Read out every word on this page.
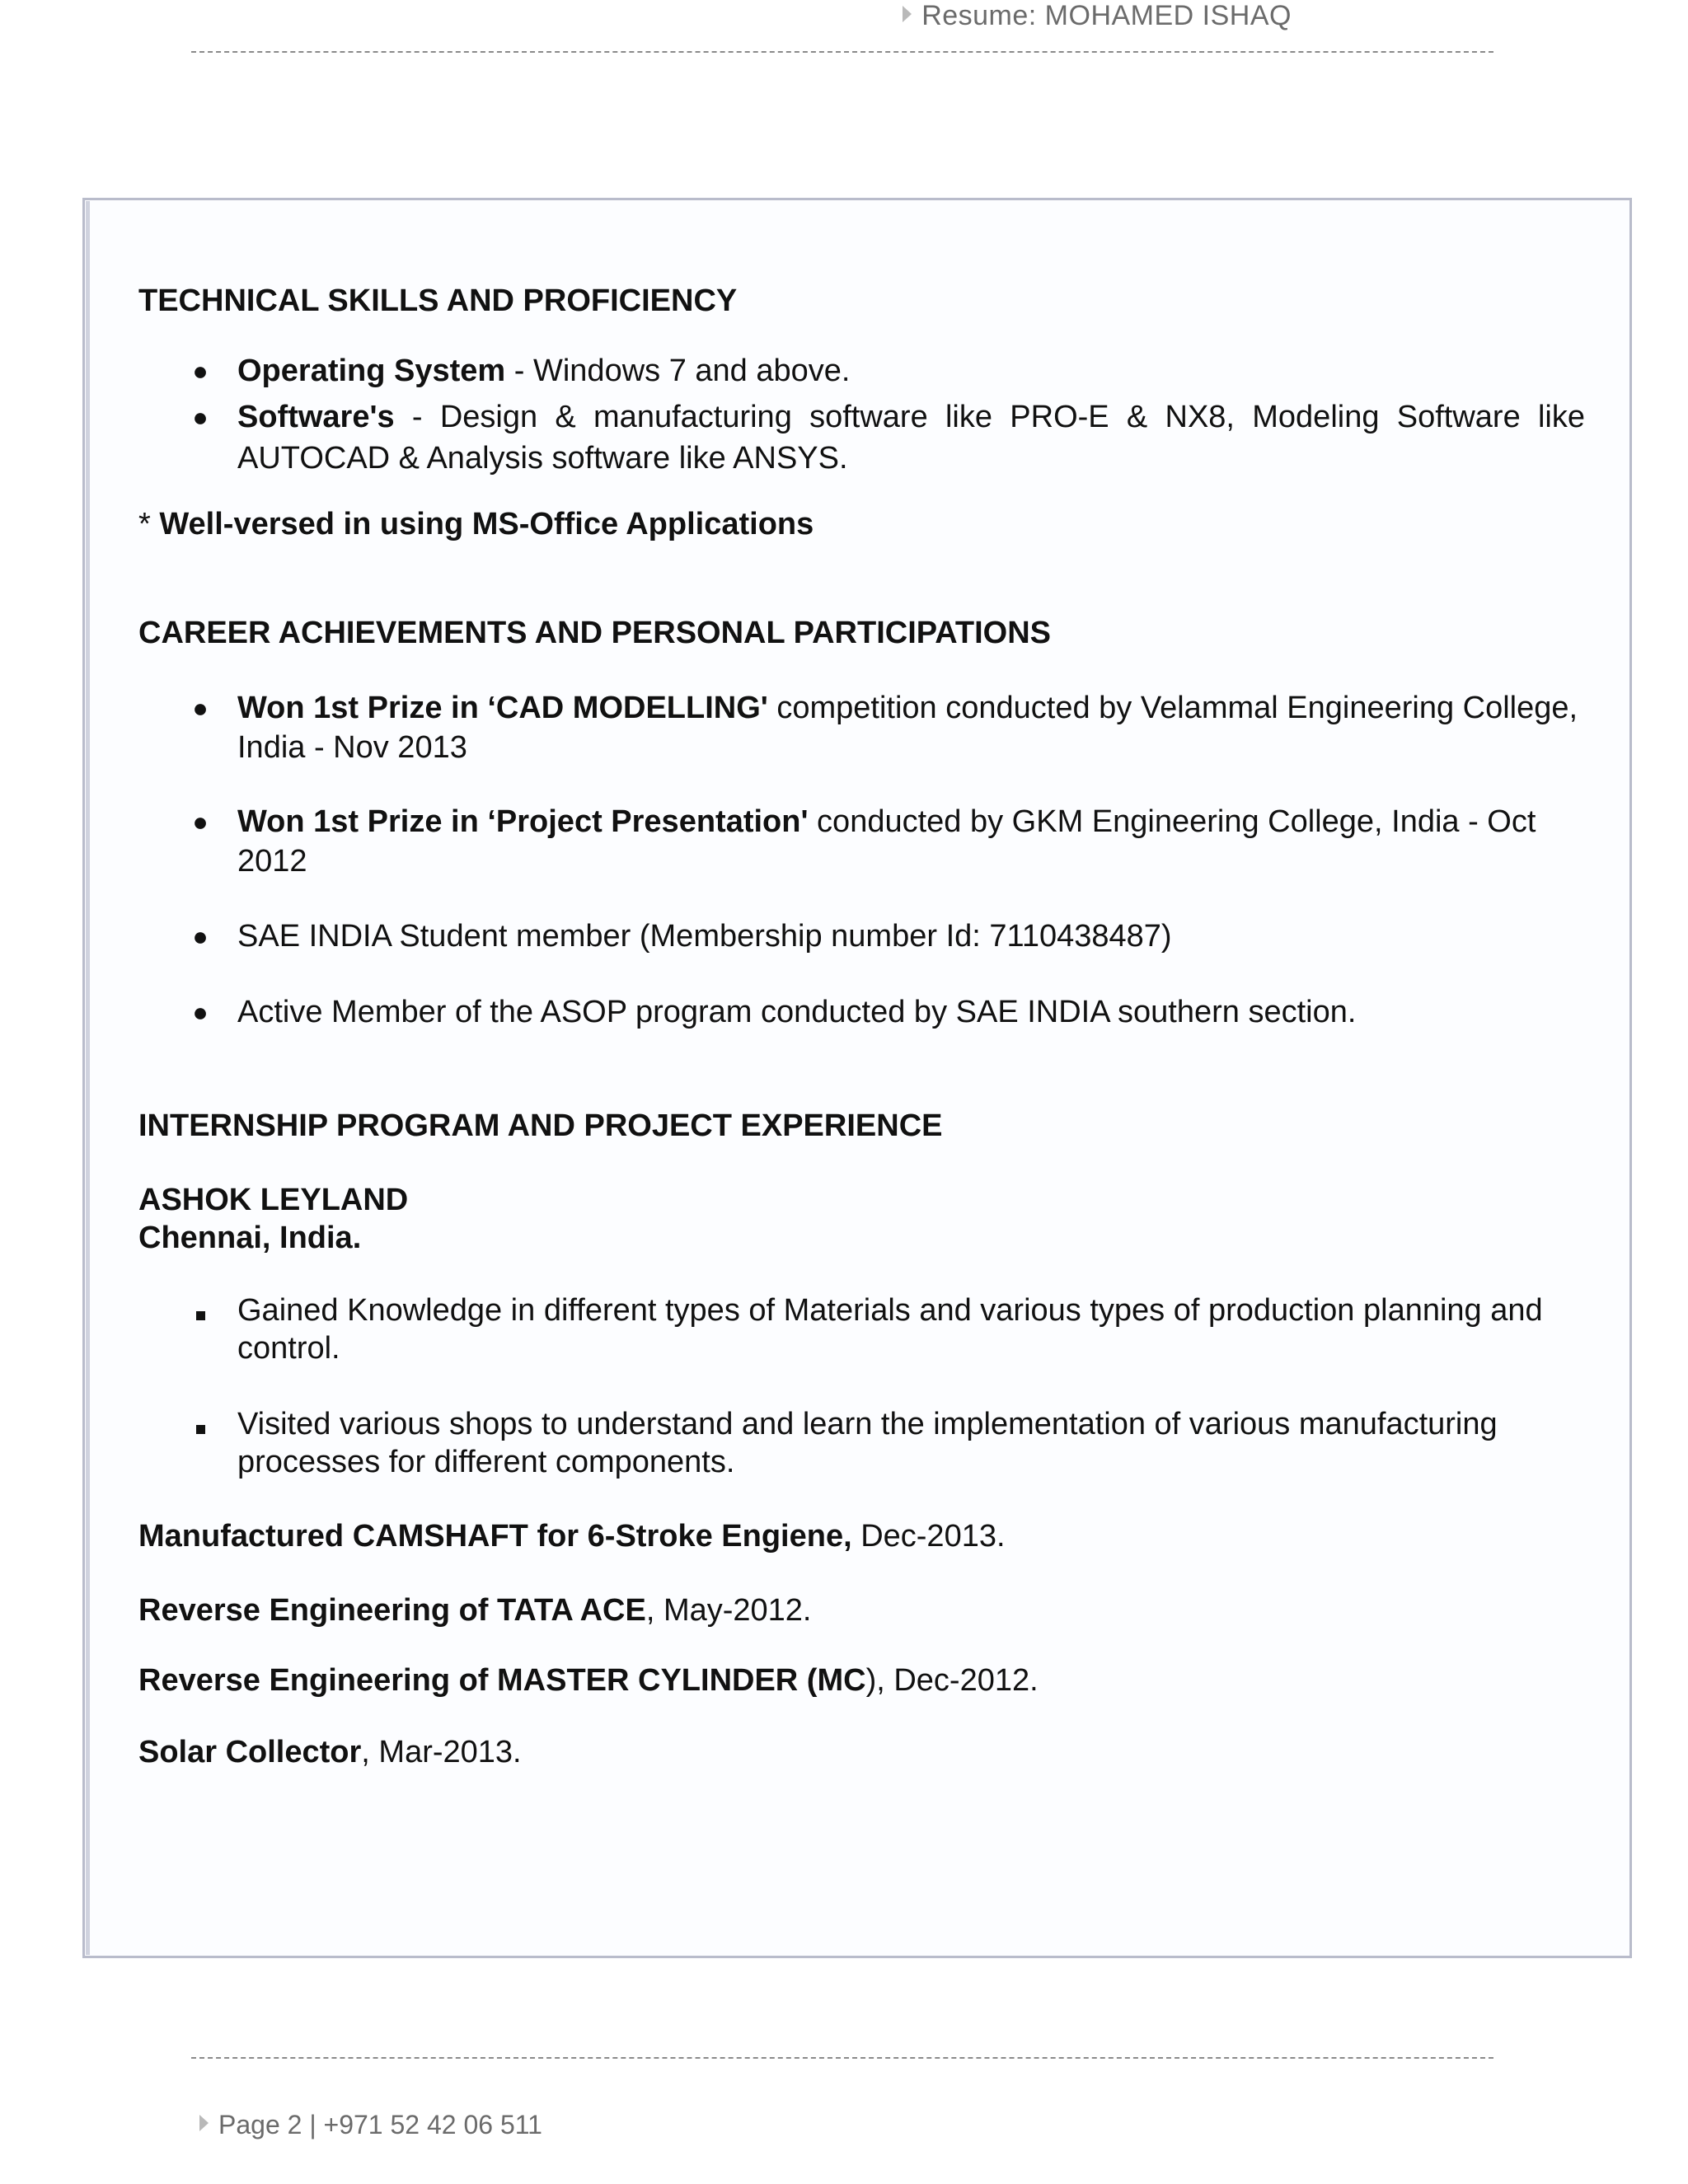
Resume: MOHAMED ISHAQ

TECHNICAL SKILLS AND PROFICIENCY

● Operating System - Windows 7 and above.
● Software's - Design & manufacturing software like PRO-E & NX8, Modeling Software like AUTOCAD & Analysis software like ANSYS.

* Well-versed in using MS-Office Applications

CAREER ACHIEVEMENTS AND PERSONAL PARTICIPATIONS

● Won 1st Prize in ‘CAD MODELLING' competition conducted by Velammal Engineering College, India - Nov 2013
● Won 1st Prize in ‘Project Presentation' conducted by GKM Engineering College, India - Oct 2012
● SAE INDIA Student member (Membership number Id: 7110438487)
● Active Member of the ASOP program conducted by SAE INDIA southern section.

INTERNSHIP PROGRAM AND PROJECT EXPERIENCE

ASHOK LEYLAND

Chennai, India.

Gained Knowledge in different types of Materials and various types of production planning and control.
Visited various shops to understand and learn the implementation of various manufacturing processes for different components.

Manufactured CAMSHAFT for 6-Stroke Engiene, Dec-2013.

Reverse Engineering of TATA ACE, May-2012.

Reverse Engineering of MASTER CYLINDER (MC), Dec-2012.

Solar Collector, Mar-2013.

Page 2 | +971 52 42 06 511
